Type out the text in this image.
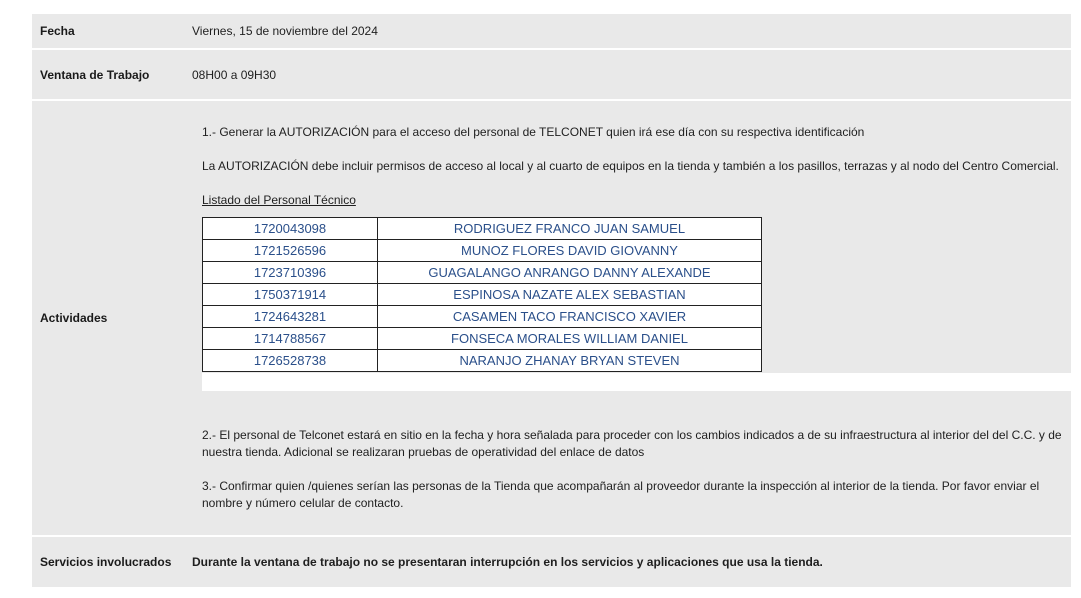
Fecha	Viernes, 15 de noviembre del 2024
Ventana de Trabajo	08H00 a 09H30
Actividades	

1.- Generar la AUTORIZACIÓN para el acceso del personal de TELCONET quien irá ese día con su respectiva identificación

La AUTORIZACIÓN debe incluir permisos de acceso al local y al cuarto de equipos en la tienda y también a los pasillos, terrazas y al nodo del Centro Comercial.

Listado del Personal Técnico

1720043098	RODRIGUEZ FRANCO JUAN SAMUEL
1721526596	MUNOZ FLORES DAVID GIOVANNY
1723710396	GUAGALANGO ANRANGO DANNY ALEXANDE
1750371914	ESPINOSA NAZATE ALEX SEBASTIAN
1724643281	CASAMEN TACO FRANCISCO XAVIER
1714788567	FONSECA MORALES WILLIAM DANIEL
1726528738	NARANJO ZHANAY BRYAN STEVEN

2.- El personal de Telconet estará en sitio en la fecha y hora señalada para proceder con los cambios indicados a de su infraestructura al interior del del C.C. y de nuestra tienda. Adicional se realizaran pruebas de operatividad del enlace de datos

3.- Confirmar quien /quienes serían las personas de la Tienda que acompañarán al proveedor durante la inspección al interior de la tienda. Por favor enviar el nombre y número celular de contacto.

Servicios involucrados	Durante la ventana de trabajo no se presentaran interrupción en los servicios y aplicaciones que usa la tienda.
